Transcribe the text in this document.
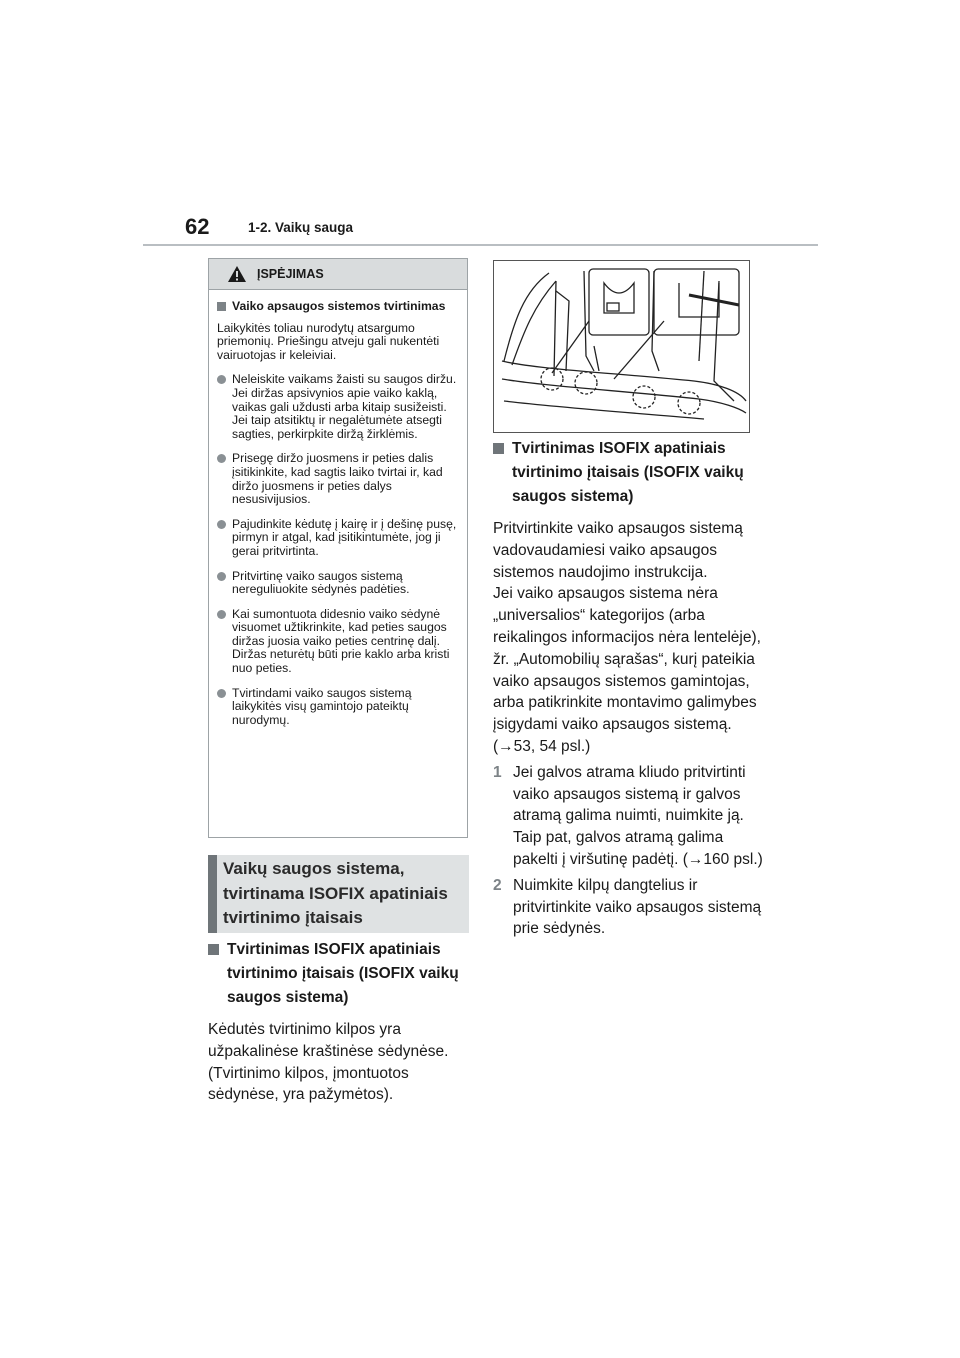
62	1-2. Vaikų sauga
ĮSPĖJIMAS
Vaiko apsaugos sistemos tvirtinimas
Laikykitės toliau nurodytų atsargumo priemonių. Priešingu atveju gali nukentėti vairuotojas ir keleiviai.
Neleiskite vaikams žaisti su saugos diržu. Jei diržas apsivynios apie vaiko kaklą, vaikas gali uždusti arba kitaip susižeisti. Jei taip atsitiktų ir negalėtumėte atsegti sagties, perkirpkite diržą žirklėmis.
Prisegę diržo juosmens ir peties dalis įsitikinkite, kad sagtis laiko tvirtai ir, kad diržo juosmens ir peties dalys nesusivijusios.
Pajudinkite kėdutę į kairę ir į dešinę pusę, pirmyn ir atgal, kad įsitikintumėte, jog ji gerai pritvirtinta.
Pritvirtinę vaiko saugos sistemą nereguliuokite sėdynės padėties.
Kai sumontuota didesnio vaiko sėdynė visuomet užtikrinkite, kad peties saugos diržas juosia vaiko peties centrinę dalį. Diržas neturėtų būti prie kaklo arba kristi nuo peties.
Tvirtindami vaiko saugos sistemą laikykitės visų gamintojo pateiktų nurodymų.
Vaikų saugos sistema,
tvirtinama ISOFIX apatiniais
tvirtinimo įtaisais
Tvirtinimas ISOFIX apatiniais tvirtinimo įtaisais (ISOFIX vaikų saugos sistema)
Kėdutės tvirtinimo kilpos yra užpakalinėse kraštinėse sėdynėse. (Tvirtinimo kilpos, įmontuotos sėdynėse, yra pažymėtos).
Tvirtinimas ISOFIX apatiniais tvirtinimo įtaisais (ISOFIX vaikų saugos sistema)
Pritvirtinkite vaiko apsaugos sistemą vadovaudamiesi vaiko apsaugos sistemos naudojimo instrukcija.
Jei vaiko apsaugos sistema nėra „universalios“ kategorijos (arba reikalingos informacijos nėra lentelėje), žr. „Automobilių sąrašas“, kurį pateikia vaiko apsaugos sistemos gamintojas, arba patikrinkite montavimo galimybes įsigydami vaiko apsaugos sistemą. (→53, 54 psl.)
1 Jei galvos atrama kliudo pritvirtinti vaiko apsaugos sistemą ir galvos atramą galima nuimti, nuimkite ją. Taip pat, galvos atramą galima pakelti į viršutinę padėtį. (→160 psl.)
2 Nuimkite kilpų dangtelius ir pritvirtinkite vaiko apsaugos sistemą prie sėdynės.
